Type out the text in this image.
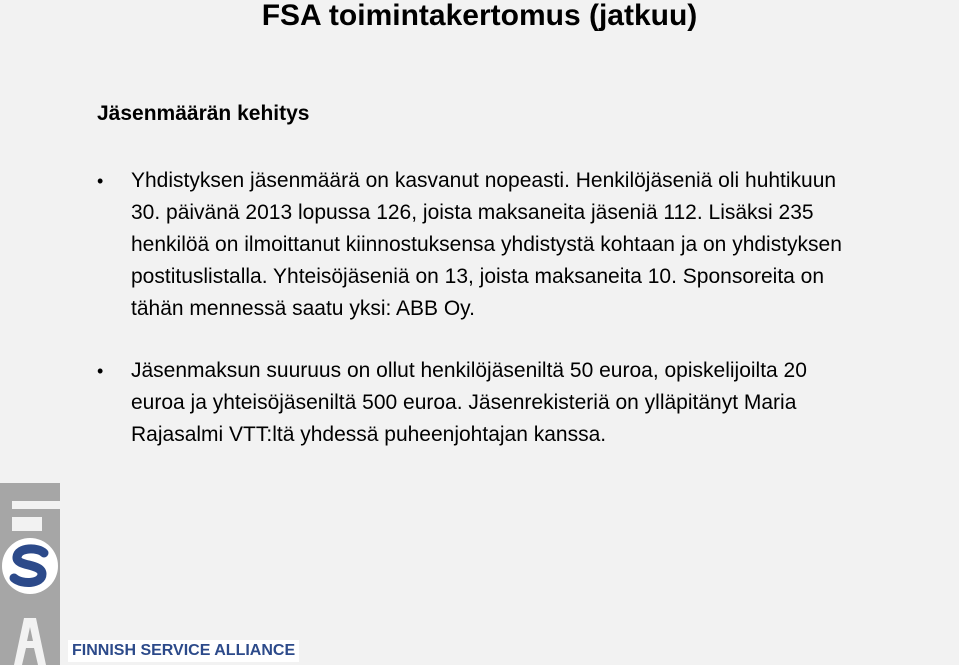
FSA toimintakertomus (jatkuu)
Jäsenmäärän kehitys
• Yhdistyksen jäsenmäärä on kasvanut nopeasti. Henkilöjäseniä oli huhtikuun
30. päivänä 2013 lopussa 126, joista maksaneita jäseniä 112. Lisäksi 235
henkilöä on ilmoittanut kiinnostuksensa yhdistystä kohtaan ja on yhdistyksen
postituslistalla. Yhteisöjäseniä on 13, joista maksaneita 10. Sponsoreita on
tähän mennessä saatu yksi: ABB Oy.
• Jäsenmaksun suuruus on ollut henkilöjäseniltä 50 euroa, opiskelijoilta 20
euroa ja yhteisöjäseniltä 500 euroa. Jäsenrekisteriä on ylläpitänyt Maria
Rajasalmi VTT:ltä yhdessä puheenjohtajan kanssa.
FINNISH SERVICE ALLIANCE
